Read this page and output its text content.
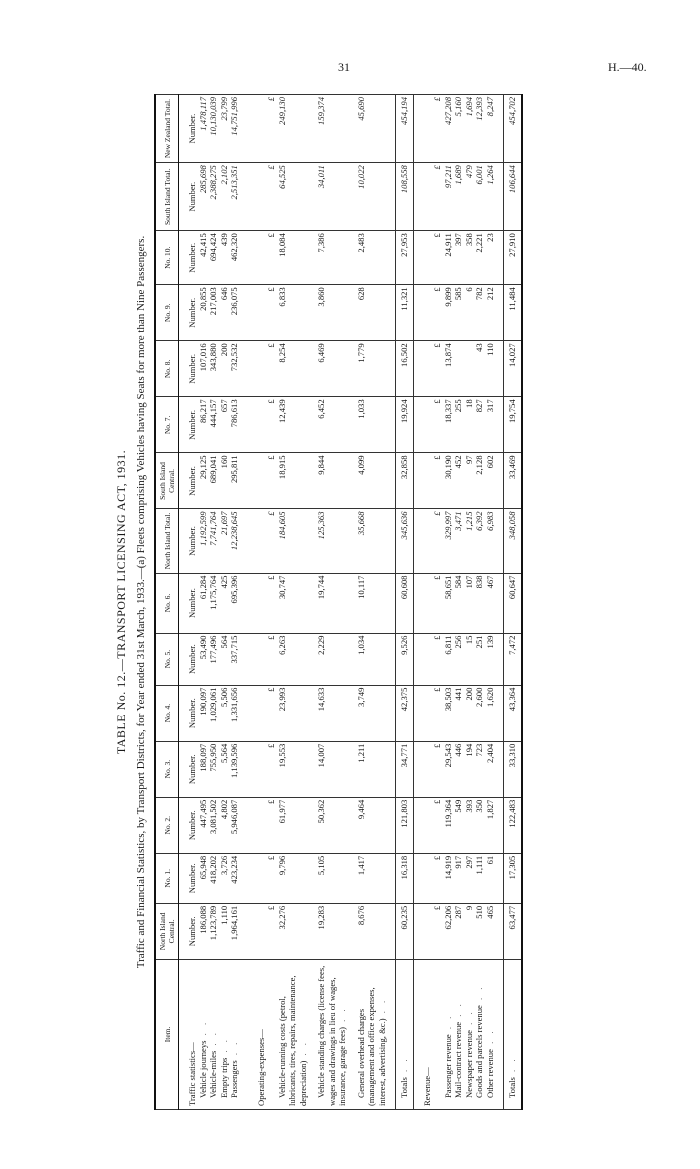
31	H.—40.
TABLE No. 12.—TRANSPORT LICENSING ACT, 1931. Traffic and Financial Statistics, by Transport Districts, for Year ended 31st March, 1933.—(a) Fleets comprising Vehicles having Seats for more than Nine Passengers.
Item.	North Island Central.	No. 1.	No. 2.	No. 3.	No. 4.	No. 5.	No. 6.	North Island Total.	South Island Central.	No. 7.	No. 8.	No. 9.	No. 10.	South Island Total.	New Zealand Total.

Traffic statistics—	Number.	Number.	Number.	Number.	Number.	Number.	Number.	Number.	Number.	Number.	Number.	Number.	Number.	Number.	Number.
Vehicle journeys . .	186,088	65,948	447,495	188,097	190,097	53,490	61,284	1,192,599	29,125	86,217	107,016	20,855	42,415	285,698	1,478,117
Vehicle-miles . .	1,123,789	418,202	3,081,502	755,950	1,029,061	177,496	1,175,764	7,741,764	689,041	444,157	343,880	217,003	694,424	2,388,275	10,130,039
Empty trips . .	1,110	3,726	4,802	5,564	5,506	564	425	21,697	160	657	200	646	439	2,102	23,799
Passengers . .	1,964,161	423,234	5,946,087	1,139,596	1,331,656	337,715	695,396	12,238,645	295,811	786,613	732,532	236,075	462,320	2,513,351	14,751,996

Operating-expenses—															
	£	£	£	£	£	£	£	£	£	£	£	£	£	£	£
Vehicle-running costs (petrol, lubricants, tires, repairs, maintenance, depreciation) . .	32,276	9,796	61,977	19,553	23,993	6,263	30,747	184,605	18,915	12,439	8,254	6,833	18,084	64,525	249,130

Vehicle standing charges (license fees, wages and drawings in lieu of wages, insurance, garage fees) . .	19,283	5,105	50,362	14,007	14,633	2,229	19,744	125,363	9,844	6,452	6,469	3,860	7,386	34,011	159,374

General overhead charges (management and office expenses, interest, advertising, &c.) . .	8,676	1,417	9,464	1,211	3,749	1,034	10,117	35,668	4,099	1,033	1,779	628	2,483	10,022	45,690

Totals . .	60,235	16,318	121,803	34,771	42,375	9,526	60,608	345,636	32,858	19,924	16,502	11,321	27,953	108,558	454,194

Revenue—															
	£	£	£	£	£	£	£	£	£	£	£	£	£	£	£
Passenger revenue . .	62,206	14,919	119,364	29,543	38,503	6,811	58,651	329,997	30,190	18,337	13,874	9,899	24,911	97,211	427,208
Mail-contract revenue . .	287	917	549	446	441	256	584	3,471	452	255		585	397	1,689	5,160
Newspaper revenue . .	9	297	393	194	200	15	107	1,215	97	18		6	358	479	1,694
Goods and parcels revenue . .	510	1,111	350	723	2,600	251	838	6,392	2,128	827	43	782	2,221	6,001	12,393
Other revenue . .	465	61	1,827	2,404	1,620	139	467	6,983	602	317	110	212	23	1,264	8,247

Totals . .	63,477	17,305	122,483	33,310	43,364	7,472	60,647	348,058	33,469	19,754	14,027	11,484	27,910	106,644	454,702
